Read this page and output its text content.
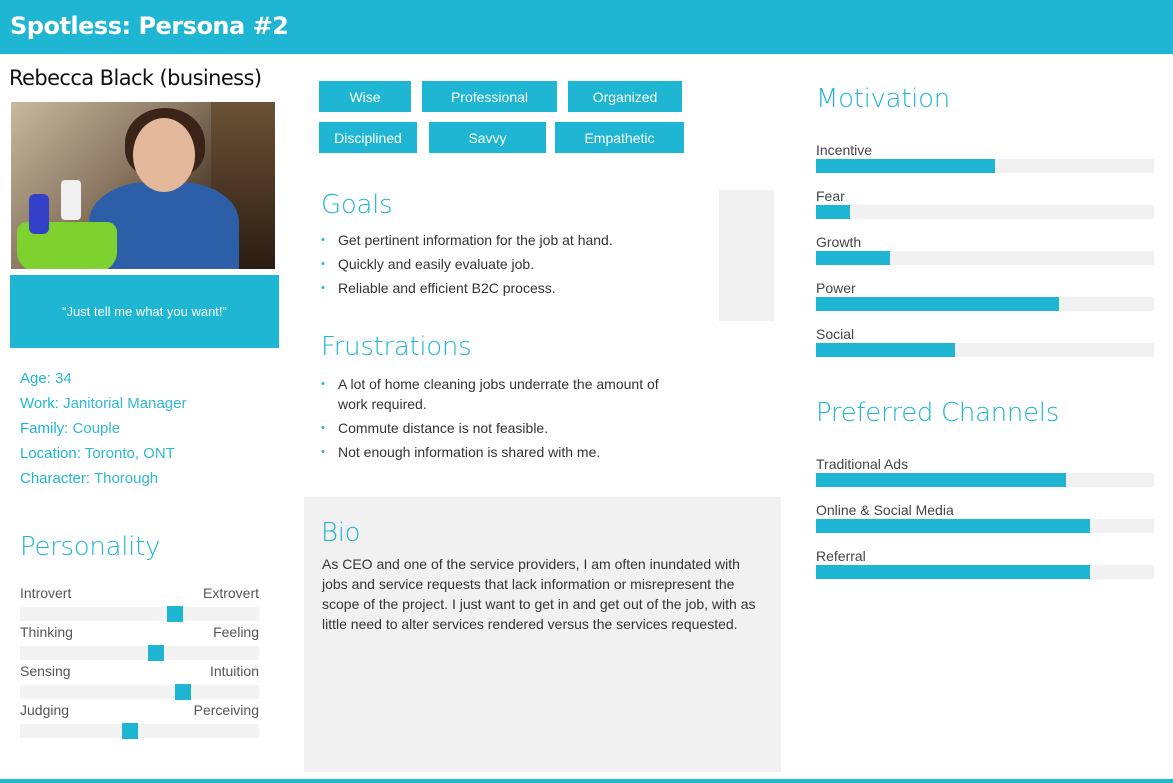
Spotless: Persona #2
Rebecca Black (business)
“Just tell me what you want!”
Age: 34
Work: Janitorial Manager
Family: Couple
Location: Toronto, ONT
Character: Thorough
Personality
Introvert	Extrovert
Thinking	Feeling
Sensing	Intuition
Judging	Perceiving
Wise	Professional	Organized
Disciplined	Savvy	Empathetic
Goals
• Get pertinent information for the job at hand.
• Quickly and easily evaluate job.
• Reliable and efficient B2C process.
Frustrations
• A lot of home cleaning jobs underrate the amount of work required.
• Commute distance is not feasible.
• Not enough information is shared with me.
Bio
As CEO and one of the service providers, I am often inundated with jobs and service requests that lack information or misrepresent the scope of the project. I just want to get in and get out of the job, with as little need to alter services rendered versus the services requested.
Motivation
Incentive
Fear
Growth
Power
Social
Preferred Channels
Traditional Ads
Online & Social Media
Referral
